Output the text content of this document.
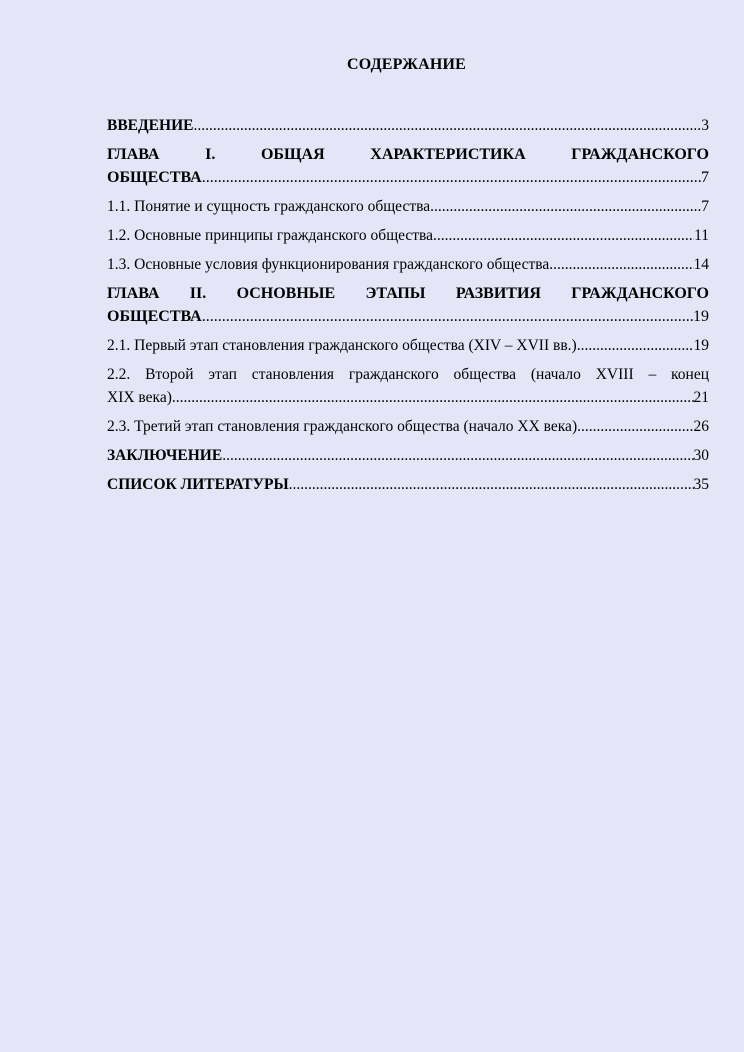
СОДЕРЖАНИЕ
ВВЕДЕНИЕ .....	3
ГЛАВА I. ОБЩАЯ ХАРАКТЕРИСТИКА ГРАЖДАНСКОГО
ОБЩЕСТВА .....	7
1.1. Понятие и сущность гражданского общества .....	7
1.2. Основные принципы гражданского общества .....	11
1.3. Основные условия функционирования гражданского общества .....	14
ГЛАВА II. ОСНОВНЫЕ ЭТАПЫ РАЗВИТИЯ ГРАЖДАНСКОГО
ОБЩЕСТВА .....	19
2.1. Первый этап становления гражданского общества (XIV – XVII вв.) .....	19
2.2. Второй этап становления гражданского общества (начало XVIII – конец
XIX века) .....	21
2.3. Третий этап становления гражданского общества (начало XX века) .....	26
ЗАКЛЮЧЕНИЕ .....	30
СПИСОК ЛИТЕРАТУРЫ .....	35
